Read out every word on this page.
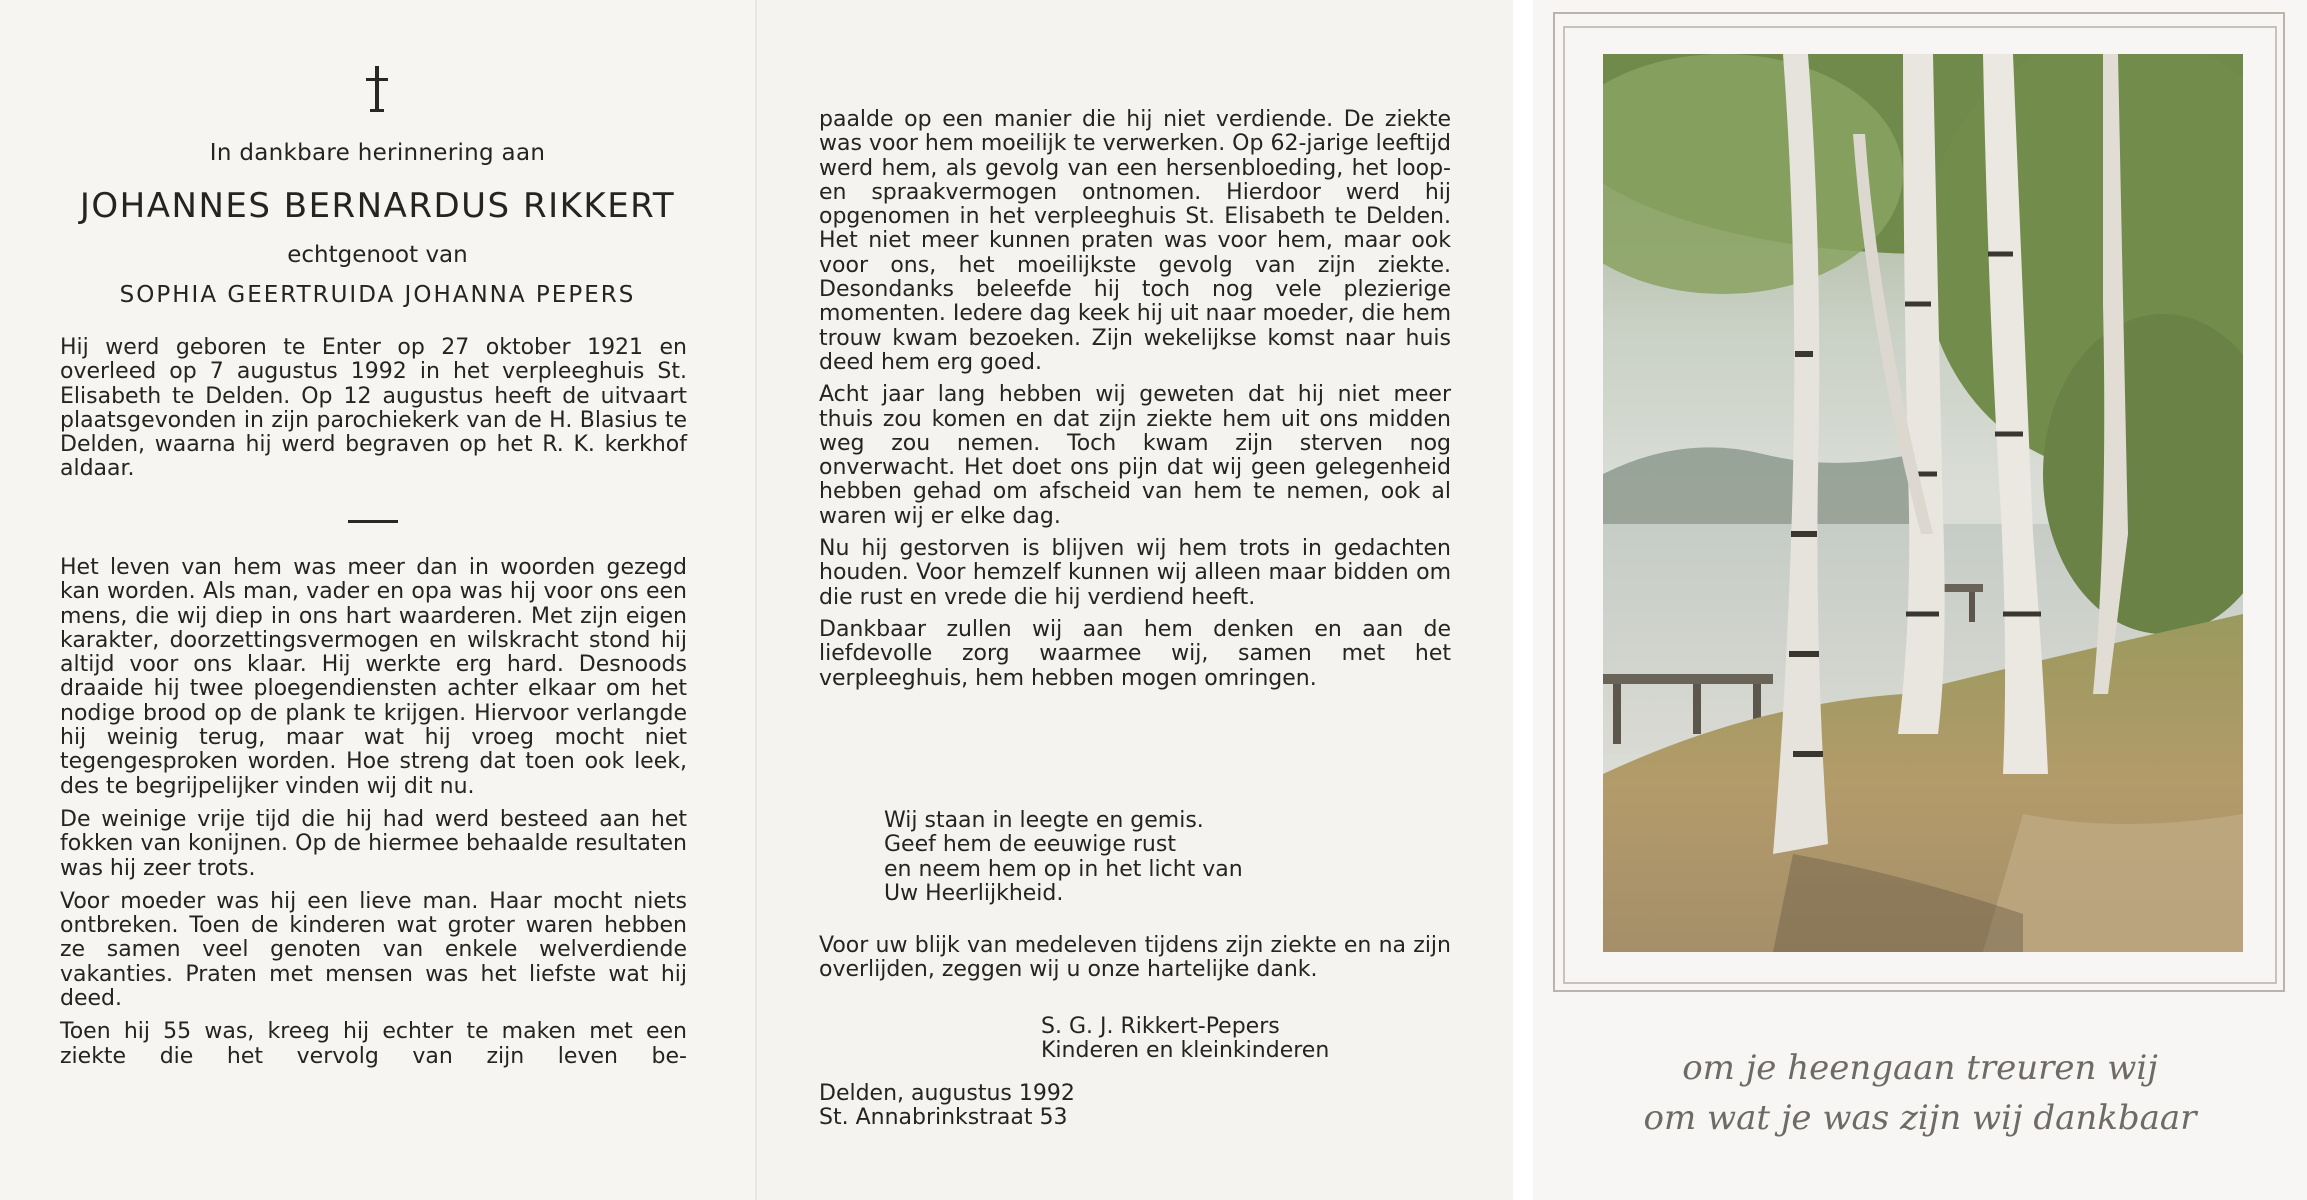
In dankbare herinnering aan
JOHANNES BERNARDUS RIKKERT
echtgenoot van
SOPHIA GEERTRUIDA JOHANNA PEPERS

Hij werd geboren te Enter op 27 oktober 1921 en overleed op 7 augustus 1992 in het verpleeghuis St. Elisabeth te Delden. Op 12 augustus heeft de uitvaart plaatsgevonden in zijn parochiekerk van de H. Blasius te Delden, waarna hij werd begraven op het R. K. kerkhof aldaar.

Het leven van hem was meer dan in woorden gezegd kan worden. Als man, vader en opa was hij voor ons een mens, die wij diep in ons hart waarderen. Met zijn eigen karakter, doorzettingsvermogen en wilskracht stond hij altijd voor ons klaar. Hij werkte erg hard. Desnoods draaide hij twee ploegendiensten achter elkaar om het nodige brood op de plank te krijgen. Hiervoor verlangde hij weinig terug, maar wat hij vroeg mocht niet tegengesproken worden. Hoe streng dat toen ook leek, des te begrijpelijker vinden wij dit nu.

De weinige vrije tijd die hij had werd besteed aan het fokken van konijnen. Op de hiermee behaalde resultaten was hij zeer trots.

Voor moeder was hij een lieve man. Haar mocht niets ontbreken. Toen de kinderen wat groter waren hebben ze samen veel genoten van enkele welverdiende vakanties. Praten met mensen was het liefste wat hij deed.

Toen hij 55 was, kreeg hij echter te maken met een ziekte die het vervolg van zijn leven be-

paalde op een manier die hij niet verdiende. De ziekte was voor hem moeilijk te verwerken. Op 62-jarige leeftijd werd hem, als gevolg van een hersenbloeding, het loop- en spraakvermogen ontnomen. Hierdoor werd hij opgenomen in het verpleeghuis St. Elisabeth te Delden. Het niet meer kunnen praten was voor hem, maar ook voor ons, het moeilijkste gevolg van zijn ziekte. Desondanks beleefde hij toch nog vele plezierige momenten. Iedere dag keek hij uit naar moeder, die hem trouw kwam bezoeken. Zijn wekelijkse komst naar huis deed hem erg goed.

Acht jaar lang hebben wij geweten dat hij niet meer thuis zou komen en dat zijn ziekte hem uit ons midden weg zou nemen. Toch kwam zijn sterven nog onverwacht. Het doet ons pijn dat wij geen gelegenheid hebben gehad om afscheid van hem te nemen, ook al waren wij er elke dag.

Nu hij gestorven is blijven wij hem trots in gedachten houden. Voor hemzelf kunnen wij alleen maar bidden om die rust en vrede die hij verdiend heeft.

Dankbaar zullen wij aan hem denken en aan de liefdevolle zorg waarmee wij, samen met het verpleeghuis, hem hebben mogen omringen.

Wij staan in leegte en gemis.
Geef hem de eeuwige rust
en neem hem op in het licht van
Uw Heerlijkheid.

Voor uw blijk van medeleven tijdens zijn ziekte en na zijn overlijden, zeggen wij u onze hartelijke dank.

S. G. J. Rikkert-Pepers
Kinderen en kleinkinderen
Delden, augustus 1992
St. Annabrinkstraat 53
om je heengaan treuren wij
om wat je was zijn wij dankbaar
